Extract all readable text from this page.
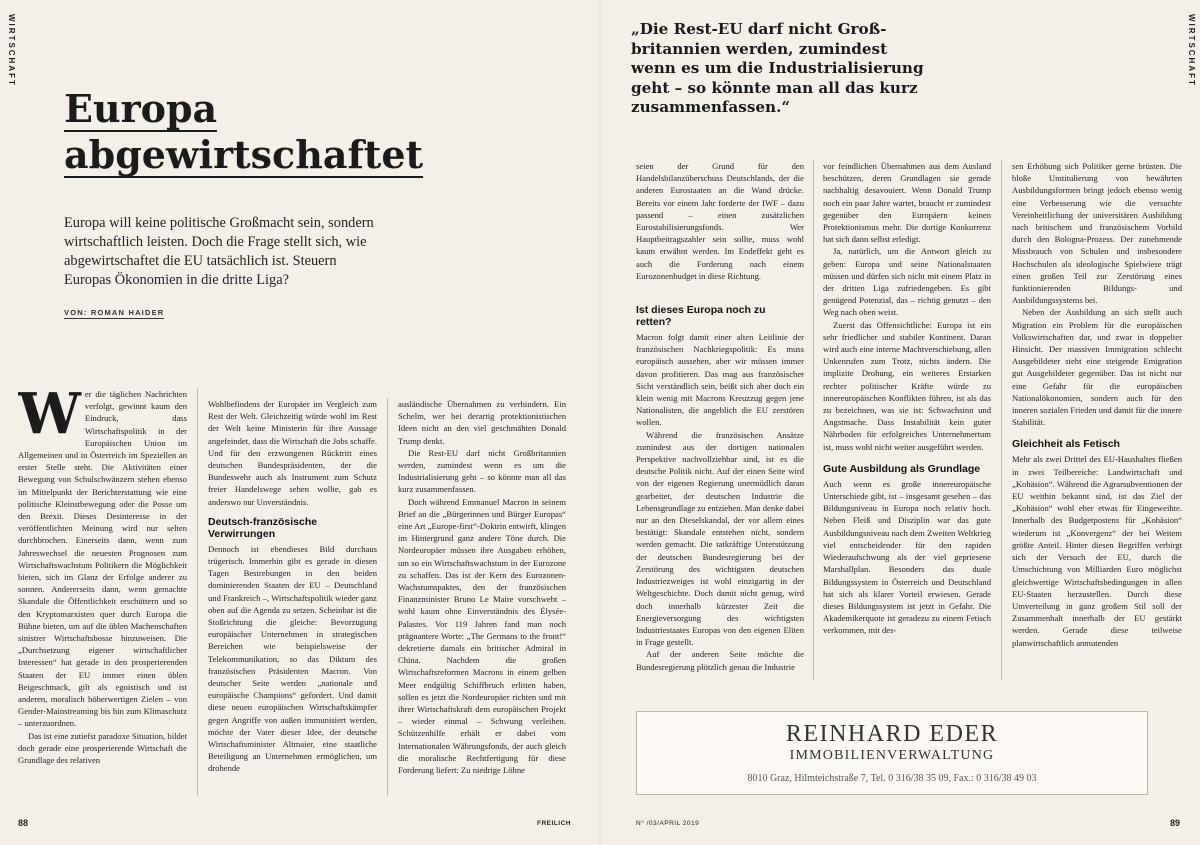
WIRTSCHAFT
Europa
abgewirtschaftet

Europa will keine politische Großmacht sein, sondern wirtschaftlich leisten. Doch die Frage stellt sich, wie abgewirtschaftet die EU tatsächlich ist. Steuern Europas Ökonomien in die dritte Liga?

VON: ROMAN HAIDER

Wer die täglichen Nachrichten verfolgt, gewinnt kaum den Eindruck, dass Wirtschaftspolitik in der Europäischen Union im Allgemeinen und in Österreich im Speziellen an erster Stelle steht. Die Aktivitäten einer Bewegung von Schulschwänzern stehen ebenso im Mittelpunkt der Berichterstattung wie eine politische Kleinstbewegung oder die Posse um den Brexit. Dieses Desinteresse in der veröffentlichten Meinung wird nur selten durchbrochen. Einerseits dann, wenn zum Jahreswechsel die neuesten Prognosen zum Wirtschaftswachstum Politikern die Möglichkeit bieten, sich im Glanz der Erfolge anderer zu sonnen. Andererseits dann, wenn gemachte Skandale die Öffentlichkeit erschüttern und so den Kryptomarxisten quer durch Europa die Bühne bieten, um auf die üblen Machenschaften sinistrer Wirtschaftsbosse hinzuweisen. Die „Durchsetzung eigener wirtschaftlicher Interessen“ hat gerade in den prosperierenden Staaten der EU immer einen üblen Beigeschmack, gilt als egoistisch und ist anderen, moralisch höherwertigen Zielen – von Gender-Mainstreaming bis hin zum Klimaschutz – unterzuordnen.

Das ist eine zutiefst paradoxe Situation, bildet doch gerade eine prosperierende Wirtschaft die Grundlage des relativen

Wohlbefindens der Europäer im Vergleich zum Rest der Welt. Gleichzeitig würde wohl im Rest der Welt keine Ministerin für ihre Aussage angefeindet, dass die Wirtschaft die Jobs schaffe. Und für den erzwungenen Rücktritt eines deutschen Bundespräsidenten, der die Bundeswehr auch als Instrument zum Schutz freier Handelswege sehen wollte, gab es anderswo nur Unverständnis.

Deutsch-französische Verwirrungen

Dennoch ist ebendieses Bild durchaus trügerisch. Immerhin gibt es gerade in diesen Tagen Bestrebungen in den beiden dominierenden Staaten der EU – Deutschland und Frankreich –, Wirtschaftspolitik wieder ganz oben auf die Agenda zu setzen. Scheinbar ist die Stoßrichtung die gleiche: Bevorzugung europäischer Unternehmen in strategischen Bereichen wie beispielsweise der Telekommunikation, so das Diktum des französischen Präsidenten Macron. Von deutscher Seite werden „nationale und europäische Champions“ gefordert. Und damit diese neuen europäischen Wirtschaftskämpfer gegen Angriffe von außen immunisiert werden, möchte der Vater dieser Idee, der deutsche Wirtschaftsminister Altmaier, eine staatliche Beteiligung an Unternehmen ermöglichen, um drohende

ausländische Übernahmen zu verhindern. Ein Schelm, wer bei derartig protektionistischen Ideen nicht an den viel geschmähten Donald Trump denkt.

Die Rest-EU darf nicht Großbritannien werden, zumindest wenn es um die Industrialisierung geht – so könnte man all das kurz zusammenfassen.

Doch während Emmanuel Macron in seinem Brief an die „Bürgerinnen und Bürger Europas“ eine Art „Europe-first“-Doktrin entwirft, klingen im Hintergrund ganz andere Töne durch. Die Nordeuropäer müssen ihre Ausgaben erhöhen, um so ein Wirtschaftswachstum in der Eurozone zu schaffen. Das ist der Kern des Eurozonen-Wachstumspaktes, den der französischen Finanzminister Bruno Le Maire vorschwebt – wohl kaum ohne Einverständnis des Élysée-Palastes. Vor 119 Jahren fand man noch prägnantere Worte: „The Germans to the front!“ dekretierte damals ein britischer Admiral in China. Nachdem die großen Wirtschaftsreformen Macrons in einem gelben Meer endgültig Schiffbruch erlitten haben, sollen es jetzt die Nordeuropäer richten und mit ihrer Wirtschaftskraft dem europäischen Projekt – wieder einmal – Schwung verleihen. Schützenhilfe erhält er dabei vom Internationalen Währungsfonds, der auch gleich die moralische Rechtfertigung für diese Forderung liefert: Zu niedrige Löhne

88	FREILICH
WIRTSCHAFT
N° /03/APRIL 2019	89

„Die Rest-EU darf nicht Groß-britannien werden, zumindest wenn es um die Industrialisierung geht – so könnte man all das kurz zusammenfassen.“

seien der Grund für den Handelsbilanzüberschuss Deutschlands, der die anderen Eurostaaten an die Wand drücke. Bereits vor einem Jahr forderte der IWF – dazu passend – einen zusätzlichen Eurostabilisierungsfonds. Wer Hauptbeitragszahler sein sollte, muss wohl kaum erwähnt werden. Im Endeffekt geht es auch die Forderung nach einem Eurozonenbudget in diese Richtung.

Ist dieses Europa noch zu retten?

Macron folgt damit einer alten Leitlinie der französischen Nachkriegspolitik: Es muss europäisch aussehen, aber wir müssen immer davon profitieren. Das mag aus französischer Sicht verständlich sein, beißt sich aber doch ein klein wenig mit Macrons Kreuzzug gegen jene Nationalisten, die angeblich die EU zerstören wollen.

Während die französischen Ansätze zumindest aus der dortigen nationalen Perspektive nachvollziehbar sind, ist es die deutsche Politik nicht. Auf der einen Seite wird von der eigenen Regierung unermüdlich daran gearbeitet, der deutschen Industrie die Lebensgrundlage zu entziehen. Man denke dabei nur an den Dieselskandal, der vor allem eines bestätigt: Skandale entstehen nicht, sondern werden gemacht. Die tatkräftige Unterstützung der deutschen Bundesregierung bei der Zerstörung des wichtigsten deutschen Industriezweiges ist wohl einzigartig in der Weltgeschichte. Doch damit nicht genug, wird doch innerhalb kürzester Zeit die Energieversorgung des wichtigsten Industriestaates Europas von den eigenen Eliten in Frage gestellt.

Auf der anderen Seite möchte die Bundesregierung plötzlich genau die Industrie

vor feindlichen Übernahmen aus dem Ausland beschützen, deren Grundlagen sie gerade nachhaltig desavouiert. Wenn Donald Trump noch ein paar Jahre wartet, braucht er zumindest gegenüber den Europäern keinen Protektionismus mehr. Die dortige Konkurrenz hat sich dann selbst erledigt.

Ja, natürlich, um die Antwort gleich zu geben: Europa und seine Nationalstaaten müssen und dürfen sich nicht mit einem Platz in der dritten Liga zufriedengeben. Es gibt genügend Potenzial, das – richtig genutzt – den Weg nach oben weist.

Zuerst das Offensichtliche: Europa ist ein sehr friedlicher und stabiler Kontinent. Daran wird auch eine interne Machtverschiebung, allen Unkenrufen zum Trotz, nichts ändern. Die implizite Drohung, ein weiteres Erstarken rechter politischer Kräfte würde zu innereuropäischen Konflikten führen, ist als das zu bezeichnen, was sie ist: Schwachsinn und Angstmache. Dass Instabilität kein guter Nährboden für erfolgreiches Unternehmertum ist, muss wohl nicht weiter ausgeführt werden.

Gute Ausbildung als Grundlage

Auch wenn es große innereuropäische Unterschiede gibt, ist – insgesamt gesehen – das Bildungsniveau in Europa noch relativ hoch. Neben Fleiß und Disziplin war das gute Ausbildungsniveau nach dem Zweiten Weltkrieg viel entscheidender für den rapiden Wiederaufschwung als der viel gepriesene Marshallplan. Besonders das duale Bildungssystem in Österreich und Deutschland hat sich als klarer Vorteil erwiesen. Gerade dieses Bildungssystem ist jetzt in Gefahr. Die Akademikerquote ist geradezu zu einem Fetisch verkommen, mit des-

sen Erhöhung sich Politiker gerne brüsten. Die bloße Umtitulierung von bewährten Ausbildungsformen bringt jedoch ebenso wenig eine Verbesserung wie die versuchte Vereinheitlichung der universitären Ausbildung nach britischem und französischem Vorbild durch den Bologna-Prozess. Der zunehmende Missbrauch von Schulen und insbesondere Hochschulen als ideologische Spielwiese trägt einen großen Teil zur Zerstörung eines funktionierenden Bildungs- und Ausbildungssystems bei.

Neben der Ausbildung an sich stellt auch Migration ein Problem für die europäischen Volkswirtschaften dar, und zwar in doppelter Hinsicht. Der massiven Immigration schlecht Ausgebildeter steht eine steigende Emigration gut Ausgebildeter gegenüber. Das ist nicht nur eine Gefahr für die europäischen Nationalökonomien, sondern auch für den inneren sozialen Frieden und damit für die innere Stabilität.

Gleichheit als Fetisch

Mehr als zwei Drittel des EU-Haushaltes fließen in zwei Teilbereiche: Landwirtschaft und „Kohäsion“. Während die Agrarsubventionen der EU weithin bekannt sind, ist das Ziel der „Kohäsion“ wohl eher etwas für Eingeweihte. Innerhalb des Budgetpostens für „Kohäsion“ wiederum ist „Konvergenz“ der bei Weitem größte Anteil. Hinter diesen Begriffen verbirgt sich der Versuch der EU, durch die Umschichtung von Milliarden Euro möglichst gleichwertige Wirtschaftsbedingungen in allen EU-Staaten herzustellen. Durch diese Umverteilung in ganz großem Stil soll der Zusammenhalt innerhalb der EU gestärkt werden. Gerade diese teilweise planwirtschaftlich anmutenden

REINHARD EDER
IMMOBILIENVERWALTUNG
8010 Graz, Hilmteichstraße 7, Tel. 0 316/38 35 09, Fax.: 0 316/38 49 03
